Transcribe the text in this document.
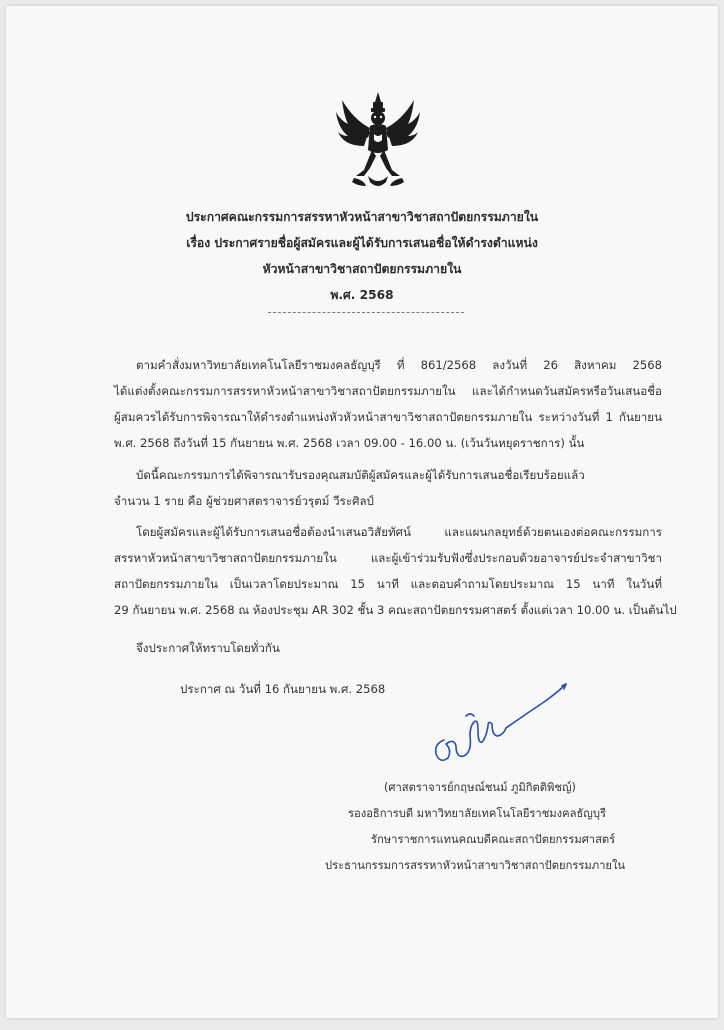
ประกาศคณะกรรมการสรรหาหัวหน้าสาขาวิชาสถาปัตยกรรมภายใน
เรื่อง ประกาศรายชื่อผู้สมัครและผู้ได้รับการเสนอชื่อให้ดำรงตำแหน่ง
หัวหน้าสาขาวิชาสถาปัตยกรรมภายใน
พ.ศ. 2568
ตามคำสั่งมหาวิทยาลัยเทคโนโลยีราชมงคลธัญบุรี ที่ 861/2568 ลงวันที่ 26 สิงหาคม 2568
ได้แต่งตั้งคณะกรรมการสรรหาหัวหน้าสาขาวิชาสถาปัตยกรรมภายใน และได้กำหนดวันสมัครหรือวันเสนอชื่อ
ผู้สมควรได้รับการพิจารณาให้ดำรงตำแหน่งหัวหัวหน้าสาขาวิชาสถาปัตยกรรมภายใน ระหว่างวันที่ 1 กันยายน
พ.ศ. 2568 ถึงวันที่ 15 กันยายน พ.ศ. 2568 เวลา 09.00 - 16.00 น. (เว้นวันหยุดราชการ) นั้น
บัดนี้คณะกรรมการได้พิจารณารับรองคุณสมบัติผู้สมัครและผู้ได้รับการเสนอชื่อเรียบร้อยแล้ว
จำนวน 1 ราย คือ ผู้ช่วยศาสตราจารย์วรุตม์ วีระศิลป์
โดยผู้สมัครและผู้ได้รับการเสนอชื่อต้องนำเสนอวิสัยทัศน์ และแผนกลยุทธ์ด้วยตนเองต่อคณะกรรมการ
สรรหาหัวหน้าสาขาวิชาสถาปัตยกรรมภายใน และผู้เข้าร่วมรับฟังซึ่งประกอบด้วยอาจารย์ประจำสาขาวิชา
สถาปัตยกรรมภายใน เป็นเวลาโดยประมาณ 15 นาที และตอบคำถามโดยประมาณ 15 นาที ในวันที่
29 กันยายน พ.ศ. 2568 ณ ห้องประชุม AR 302 ชั้น 3 คณะสถาปัตยกรรมศาสตร์ ตั้งแต่เวลา 10.00 น. เป็นต้นไป
จึงประกาศให้ทราบโดยทั่วกัน
ประกาศ ณ วันที่ 16 กันยายน พ.ศ. 2568
(ศาสตราจารย์กฤษณ์ชนม์ ภูมิกิตติพิชญ์)
รองอธิการบดี มหาวิทยาลัยเทคโนโลยีราชมงคลธัญบุรี
รักษาราชการแทนคณบดีคณะสถาปัตยกรรมศาสตร์
ประธานกรรมการสรรหาหัวหน้าสาขาวิชาสถาปัตยกรรมภายใน
